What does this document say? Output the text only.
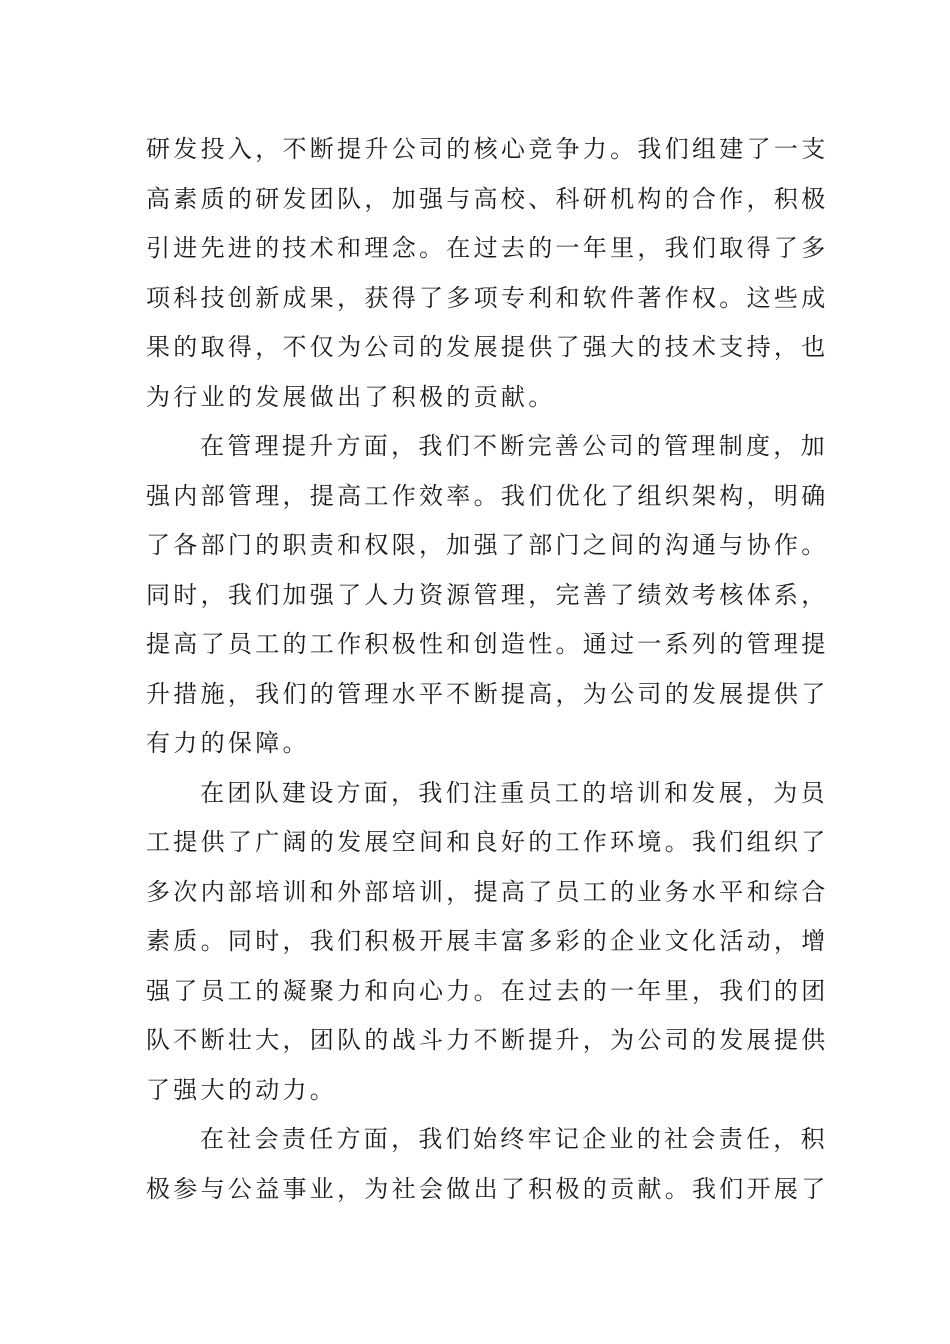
研发投入，不断提升公司的核心竞争力。我们组建了一支
高素质的研发团队，加强与高校、科研机构的合作，积极
引进先进的技术和理念。在过去的一年里，我们取得了多
项科技创新成果，获得了多项专利和软件著作权。这些成
果的取得，不仅为公司的发展提供了强大的技术支持，也
为行业的发展做出了积极的贡献。
在管理提升方面，我们不断完善公司的管理制度，加
强内部管理，提高工作效率。我们优化了组织架构，明确
了各部门的职责和权限，加强了部门之间的沟通与协作。
同时，我们加强了人力资源管理，完善了绩效考核体系，
提高了员工的工作积极性和创造性。通过一系列的管理提
升措施，我们的管理水平不断提高，为公司的发展提供了
有力的保障。
在团队建设方面，我们注重员工的培训和发展，为员
工提供了广阔的发展空间和良好的工作环境。我们组织了
多次内部培训和外部培训，提高了员工的业务水平和综合
素质。同时，我们积极开展丰富多彩的企业文化活动，增
强了员工的凝聚力和向心力。在过去的一年里，我们的团
队不断壮大，团队的战斗力不断提升，为公司的发展提供
了强大的动力。
在社会责任方面，我们始终牢记企业的社会责任，积
极参与公益事业，为社会做出了积极的贡献。我们开展了
